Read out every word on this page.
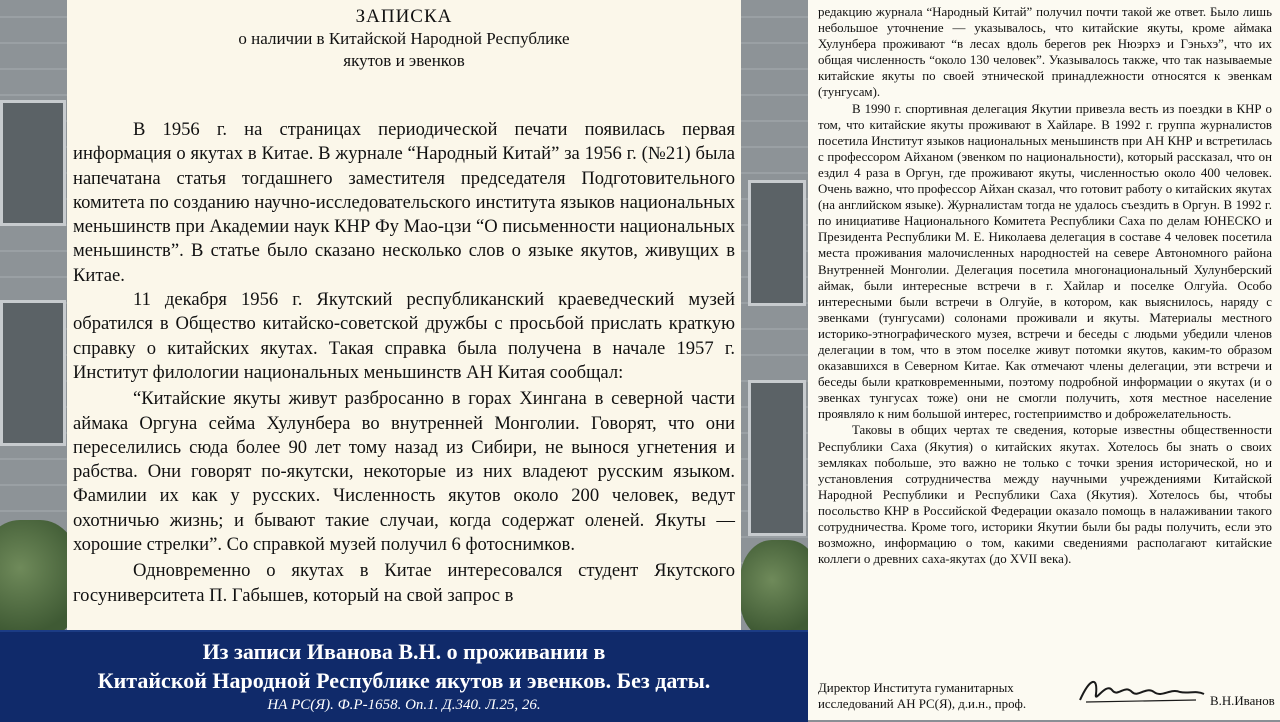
ЗАПИСКА
о наличии в Китайской Народной Республике
якутов и эвенков

В 1956 г. на страницах периодической печати появилась первая информация о якутах в Китае. В журнале “Народный Китай” за 1956 г. (№21) была напечатана статья тогдашнего заместителя председателя Подготовительного комитета по созданию научно-исследовательского института языков национальных меньшинств при Академии наук КНР Фу Мао-цзи “О письменности национальных меньшинств”. В статье было сказано несколько слов о языке якутов, живущих в Китае.

11 декабря 1956 г. Якутский республиканский краеведческий музей обратился в Общество китайско-советской дружбы с просьбой прислать краткую справку о китайских якутах. Такая справка была получена в начале 1957 г. Институт филологии национальных меньшинств АН Китая сообщал:

“Китайские якуты живут разбросанно в горах Хингана в северной части аймака Оргуна сейма Хулунбера во внутренней Монголии. Говорят, что они переселились сюда более 90 лет тому назад из Сибири, не вынося угнетения и рабства. Они говорят по-якутски, некоторые из них владеют русским языком. Фамилии их как у русских. Численность якутов около 200 человек, ведут охотничью жизнь; и бывают такие случаи, когда содержат оленей. Якуты — хорошие стрелки”. Со справкой музей получил 6 фотоснимков.

Одновременно о якутах в Китае интересовался студент Якутского госуниверситета П. Габышев, который на свой запрос в

редакцию журнала “Народный Китай” получил почти такой же ответ. Было лишь небольшое уточнение — указывалось, что китайские якуты, кроме аймака Хулунбера проживают “в лесах вдоль берегов рек Нюэрхэ и Гэньхэ”, что их общая численность “около 130 человек”. Указывалось также, что так называемые китайские якуты по своей этнической принадлежности относятся к эвенкам (тунгусам).

В 1990 г. спортивная делегация Якутии привезла весть из поездки в КНР о том, что китайские якуты проживают в Хайларе. В 1992 г. группа журналистов посетила Институт языков национальных меньшинств при АН КНР и встретилась с профессором Айханом (эвенком по национальности), который рассказал, что он ездил 4 раза в Оргун, где проживают якуты, численностью около 400 человек. Очень важно, что профессор Айхан сказал, что готовит работу о китайских якутах (на английском языке). Журналистам тогда не удалось съездить в Оргун. В 1992 г. по инициативе Национального Комитета Республики Саха по делам ЮНЕСКО и Президента Республики М. Е. Николаева делегация в составе 4 человек посетила места проживания малочисленных народностей на севере Автономного района Внутренней Монголии. Делегация посетила многонациональный Хулунберский аймак, были интересные встречи в г. Хайлар и поселке Олгуйа. Особо интересными были встречи в Олгуйе, в котором, как выяснилось, наряду с эвенками (тунгусами) солонами проживали и якуты. Материалы местного историко-этнографического музея, встречи и беседы с людьми убедили членов делегации в том, что в этом поселке живут потомки якутов, каким-то образом оказавшихся в Северном Китае. Как отмечают члены делегации, эти встречи и беседы были кратковременными, поэтому подробной информации о якутах (и о эвенках тунгусах тоже) они не смогли получить, хотя местное население проявляло к ним большой интерес, гостеприимство и доброжелательность.

Таковы в общих чертах те сведения, которые известны общественности Республики Саха (Якутия) о китайских якутах. Хотелось бы знать о своих земляках побольше, это важно не только с точки зрения исторической, но и установления сотрудничества между научными учреждениями Китайской Народной Республики и Республики Саха (Якутия). Хотелось бы, чтобы посольство КНР в Российской Федерации оказало помощь в налаживании такого сотрудничества. Кроме того, историки Якутии были бы рады получить, если это возможно, информацию о том, какими сведениями располагают китайские коллеги о древних саха-якутах (до XVII века).

Директор Института гуманитарных
исследований АН РС(Я), д.и.н., проф.	В.Н.Иванов
Из записи Иванова В.Н. о проживании в
Китайской Народной Республике якутов и эвенков. Без даты.
НА РС(Я). Ф.Р-1658. Оп.1. Д.340. Л.25, 26.
